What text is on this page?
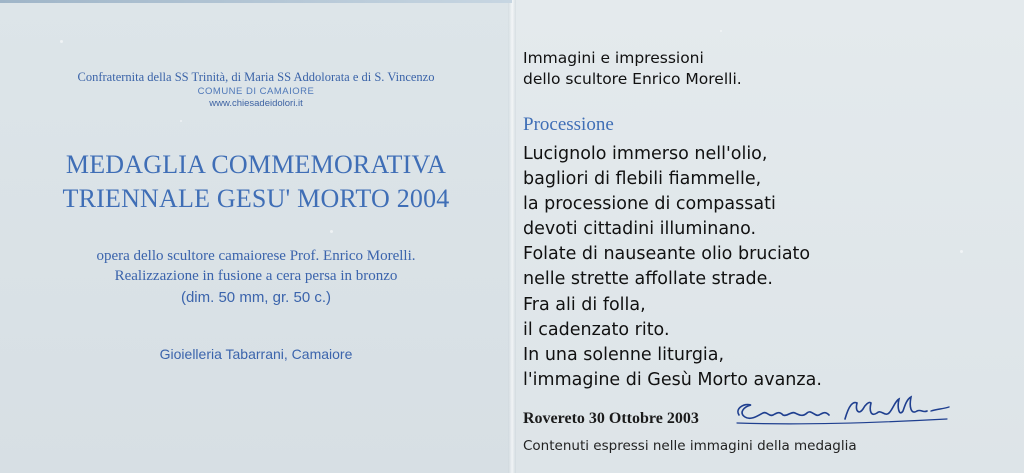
Confraternita della SS Trinità, di Maria SS Addolorata e di S. Vincenzo
COMUNE DI CAMAIORE
www.chiesadeidolori.it
MEDAGLIA COMMEMORATIVA
TRIENNALE GESU' MORTO 2004
opera dello scultore camaiorese Prof. Enrico Morelli.
Realizzazione in fusione a cera persa in bronzo
(dim. 50 mm, gr. 50 c.)
Gioielleria Tabarrani, Camaiore
Immagini e impressioni
dello scultore Enrico Morelli.
Processione
Lucignolo immerso nell'olio,
bagliori di flebili fiammelle,
la processione di compassati
devoti cittadini illuminano.
Folate di nauseante olio bruciato
nelle strette affollate strade.
Fra ali di folla,
il cadenzato rito.
In una solenne liturgia,
l'immagine di Gesù Morto avanza.
Rovereto 30 Ottobre 2003
Contenuti espressi nelle immagini della medaglia
